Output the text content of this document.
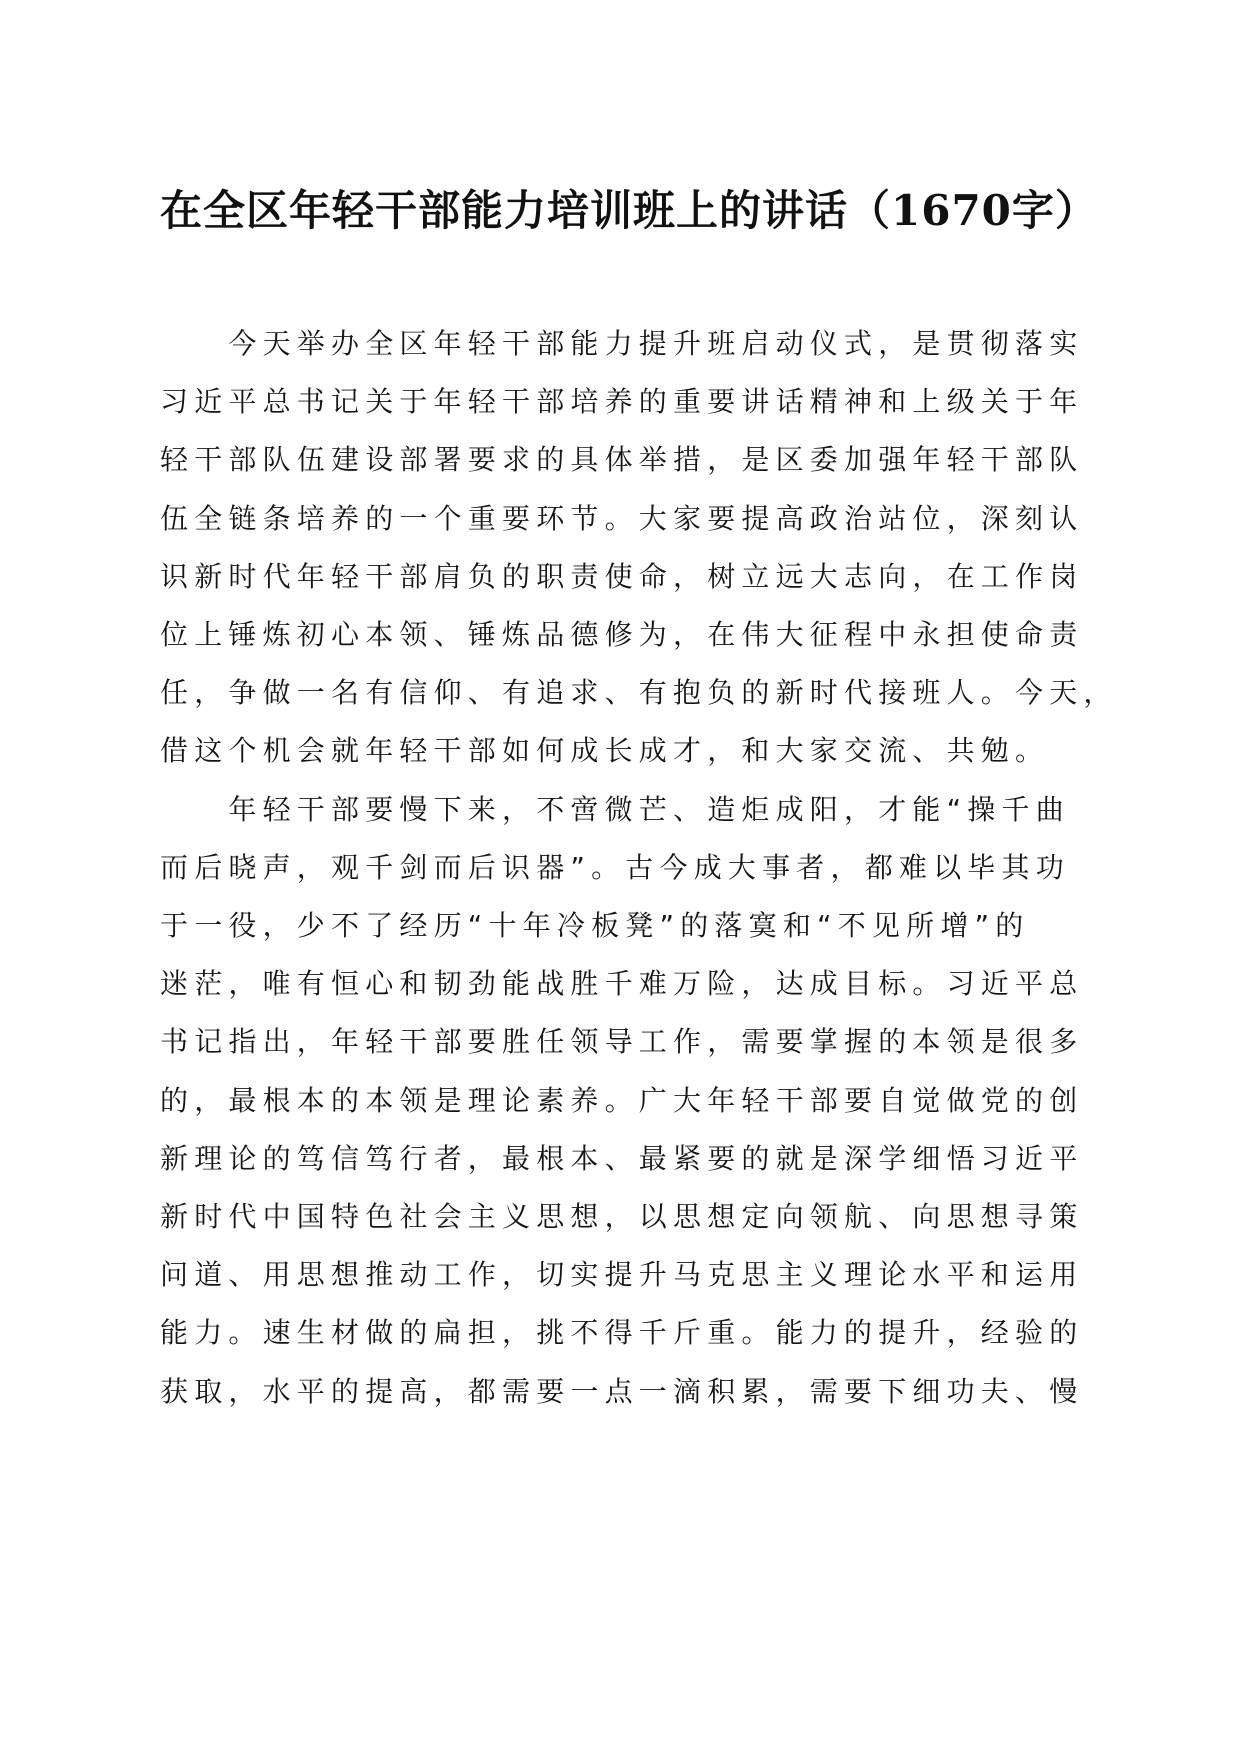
在全区年轻干部能力培训班上的讲话（1670字）

　　今天举办全区年轻干部能力提升班启动仪式，是贯彻落实
习近平总书记关于年轻干部培养的重要讲话精神和上级关于年
轻干部队伍建设部署要求的具体举措，是区委加强年轻干部队
伍全链条培养的一个重要环节。大家要提高政治站位，深刻认
识新时代年轻干部肩负的职责使命，树立远大志向，在工作岗
位上锤炼初心本领、锤炼品德修为，在伟大征程中永担使命责
任，争做一名有信仰、有追求、有抱负的新时代接班人。今天，
借这个机会就年轻干部如何成长成才，和大家交流、共勉。

　　年轻干部要慢下来，不啻微芒、造炬成阳，才能“操千曲
而后晓声，观千剑而后识器”。古今成大事者，都难以毕其功
于一役，少不了经历“十年冷板凳”的落寞和“不见所增”的
迷茫，唯有恒心和韧劲能战胜千难万险，达成目标。习近平总
书记指出，年轻干部要胜任领导工作，需要掌握的本领是很多
的，最根本的本领是理论素养。广大年轻干部要自觉做党的创
新理论的笃信笃行者，最根本、最紧要的就是深学细悟习近平
新时代中国特色社会主义思想，以思想定向领航、向思想寻策
问道、用思想推动工作，切实提升马克思主义理论水平和运用
能力。速生材做的扁担，挑不得千斤重。能力的提升，经验的
获取，水平的提高，都需要一点一滴积累，需要下细功夫、慢
